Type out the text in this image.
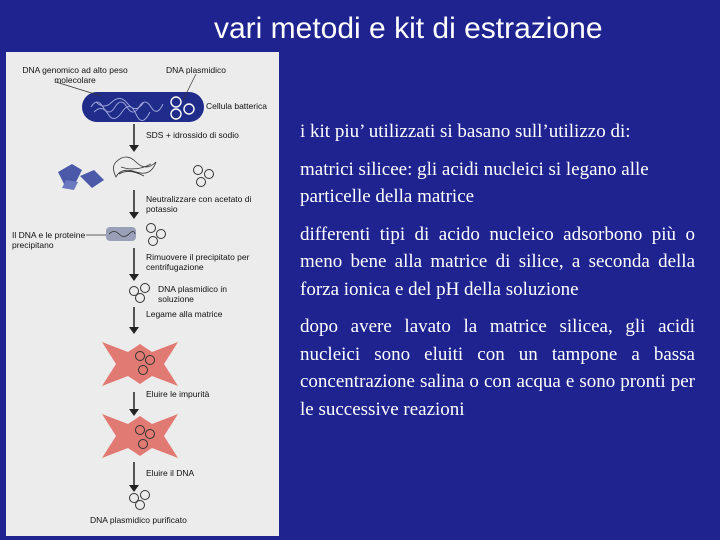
vari metodi e kit di estrazione
DNA genomico ad alto peso molecolare
DNA plasmidico
Cellula batterica
SDS + idrossido di sodio
Neutralizzare con acetato di potassio
Il DNA e le proteine precipitano
Rimuovere il precipitato per centrifugazione
DNA plasmidico in soluzione
Legame alla matrice
Eluire le impurità
Eluire il DNA
DNA plasmidico purificato

i kit piu’ utilizzati si basano sull’utilizzo di:

matrici silicee: gli acidi nucleici si legano alle particelle della matrice

differenti tipi di acido nucleico adsorbono più o meno bene alla matrice di silice, a seconda della forza ionica e del pH della soluzione

dopo avere lavato la matrice silicea, gli acidi nucleici sono eluiti con un tampone a bassa concentrazione salina o con acqua e sono pronti per le successive reazioni
